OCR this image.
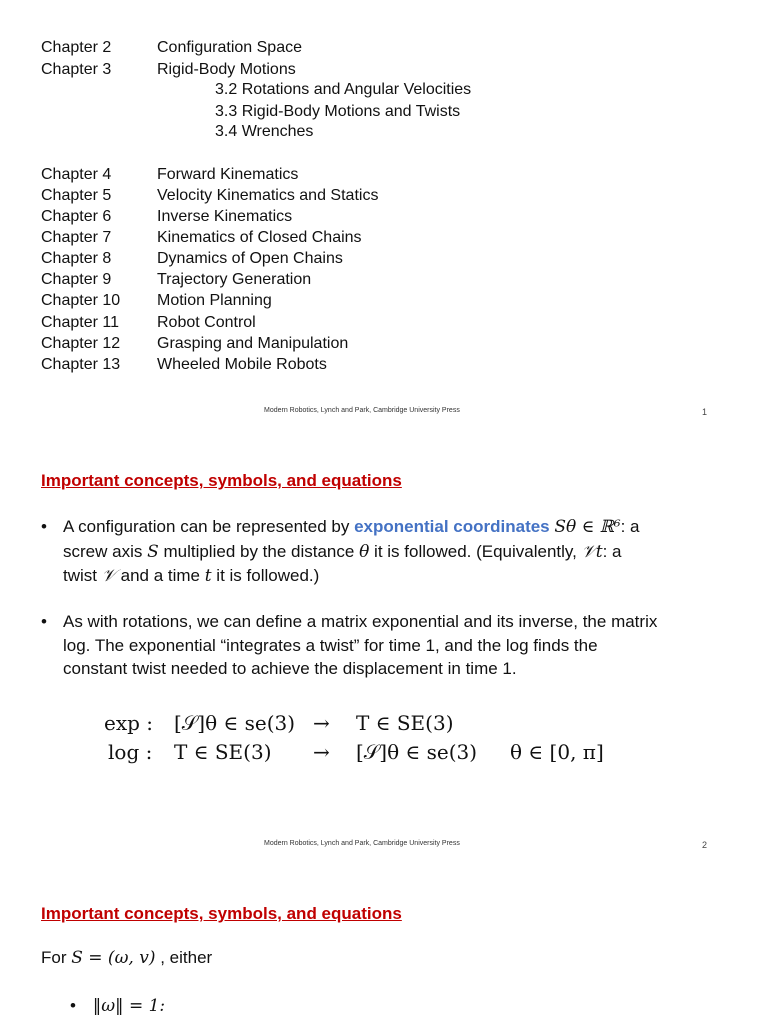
Chapter 2	Configuration Space
Chapter 3	Rigid-Body Motions
3.2 Rotations and Angular Velocities
3.3 Rigid-Body Motions and Twists
3.4 Wrenches
Chapter 4	Forward Kinematics
Chapter 5	Velocity Kinematics and Statics
Chapter 6	Inverse Kinematics
Chapter 7	Kinematics of Closed Chains
Chapter 8	Dynamics of Open Chains
Chapter 9	Trajectory Generation
Chapter 10 Motion Planning
Chapter 11 Robot Control
Chapter 12 Grasping and Manipulation
Chapter 13 Wheeled Mobile Robots
Modern Robotics, Lynch and Park, Cambridge University Press	1
Important concepts, symbols, and equations
• A configuration can be represented by exponential coordinates Sθ ∈ ℝ⁶: a
screw axis S multiplied by the distance θ it is followed. (Equivalently, 𝒱t: a
twist 𝒱 and a time t it is followed.)
• As with rotations, we can define a matrix exponential and its inverse, the matrix
log. The exponential “integrates a twist” for time 1, and the log finds the
constant twist needed to achieve the displacement in time 1.
exp : [𝒮]θ ∈ se(3) → T ∈ SE(3)
log : T ∈ SE(3) → [𝒮]θ ∈ se(3) θ ∈ [0, π]
Modern Robotics, Lynch and Park, Cambridge University Press	2
Important concepts, symbols, and equations
For S = (ω, v) , either
• ‖ω‖ = 1:
